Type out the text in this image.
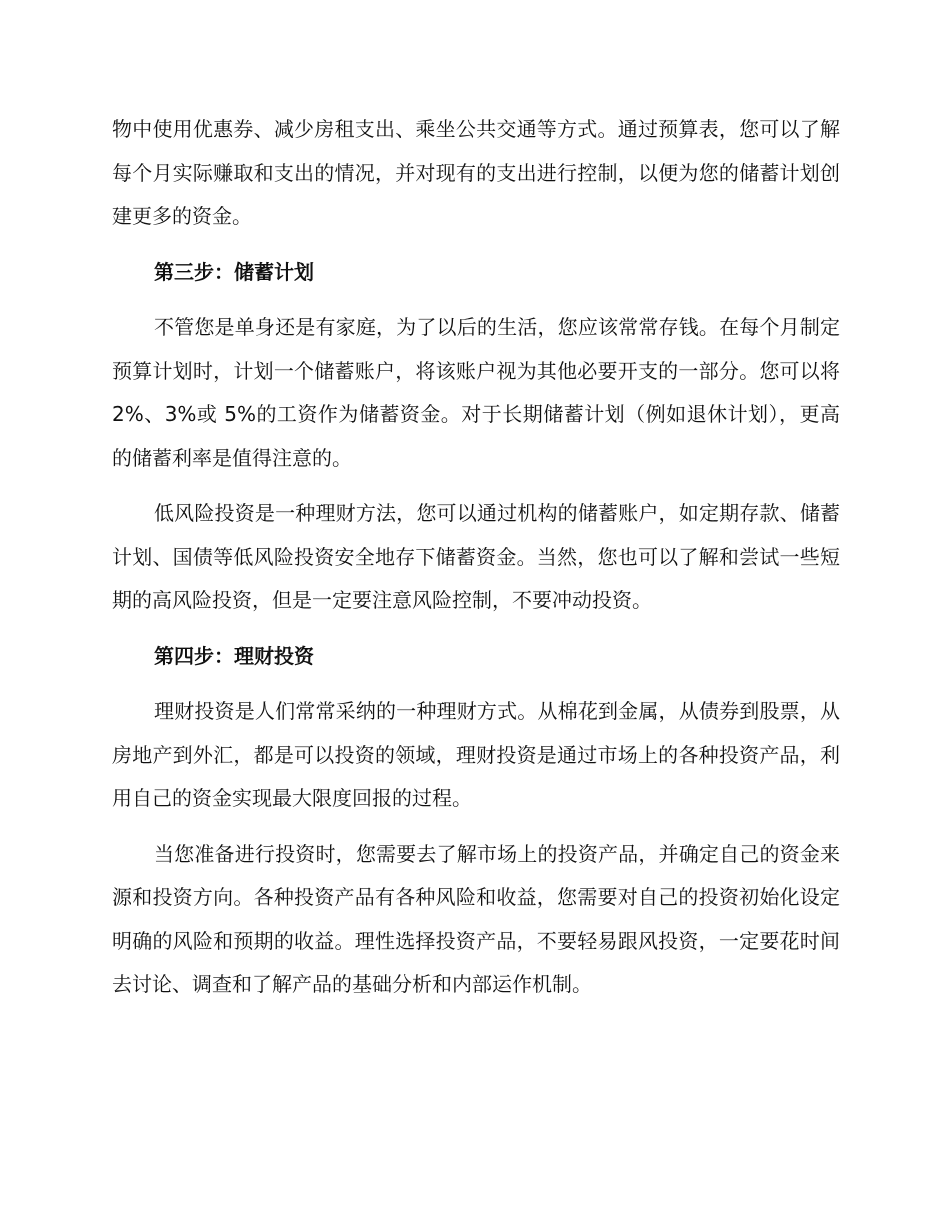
物中使用优惠券、减少房租支出、乘坐公共交通等方式。通过预算表，您可以了解每个月实际赚取和支出的情况，并对现有的支出进行控制，以便为您的储蓄计划创建更多的资金。

第三步：储蓄计划

不管您是单身还是有家庭，为了以后的生活，您应该常常存钱。在每个月制定预算计划时，计划一个储蓄账户，将该账户视为其他必要开支的一部分。您可以将 2%、3%或 5%的工资作为储蓄资金。对于长期储蓄计划（例如退休计划），更高的储蓄利率是值得注意的。

低风险投资是一种理财方法，您可以通过机构的储蓄账户，如定期存款、储蓄计划、国债等低风险投资安全地存下储蓄资金。当然，您也可以了解和尝试一些短期的高风险投资，但是一定要注意风险控制，不要冲动投资。

第四步：理财投资

理财投资是人们常常采纳的一种理财方式。从棉花到金属，从债券到股票，从房地产到外汇，都是可以投资的领域，理财投资是通过市场上的各种投资产品，利用自己的资金实现最大限度回报的过程。

当您准备进行投资时，您需要去了解市场上的投资产品，并确定自己的资金来源和投资方向。各种投资产品有各种风险和收益，您需要对自己的投资初始化设定明确的风险和预期的收益。理性选择投资产品，不要轻易跟风投资，一定要花时间去讨论、调查和了解产品的基础分析和内部运作机制。
